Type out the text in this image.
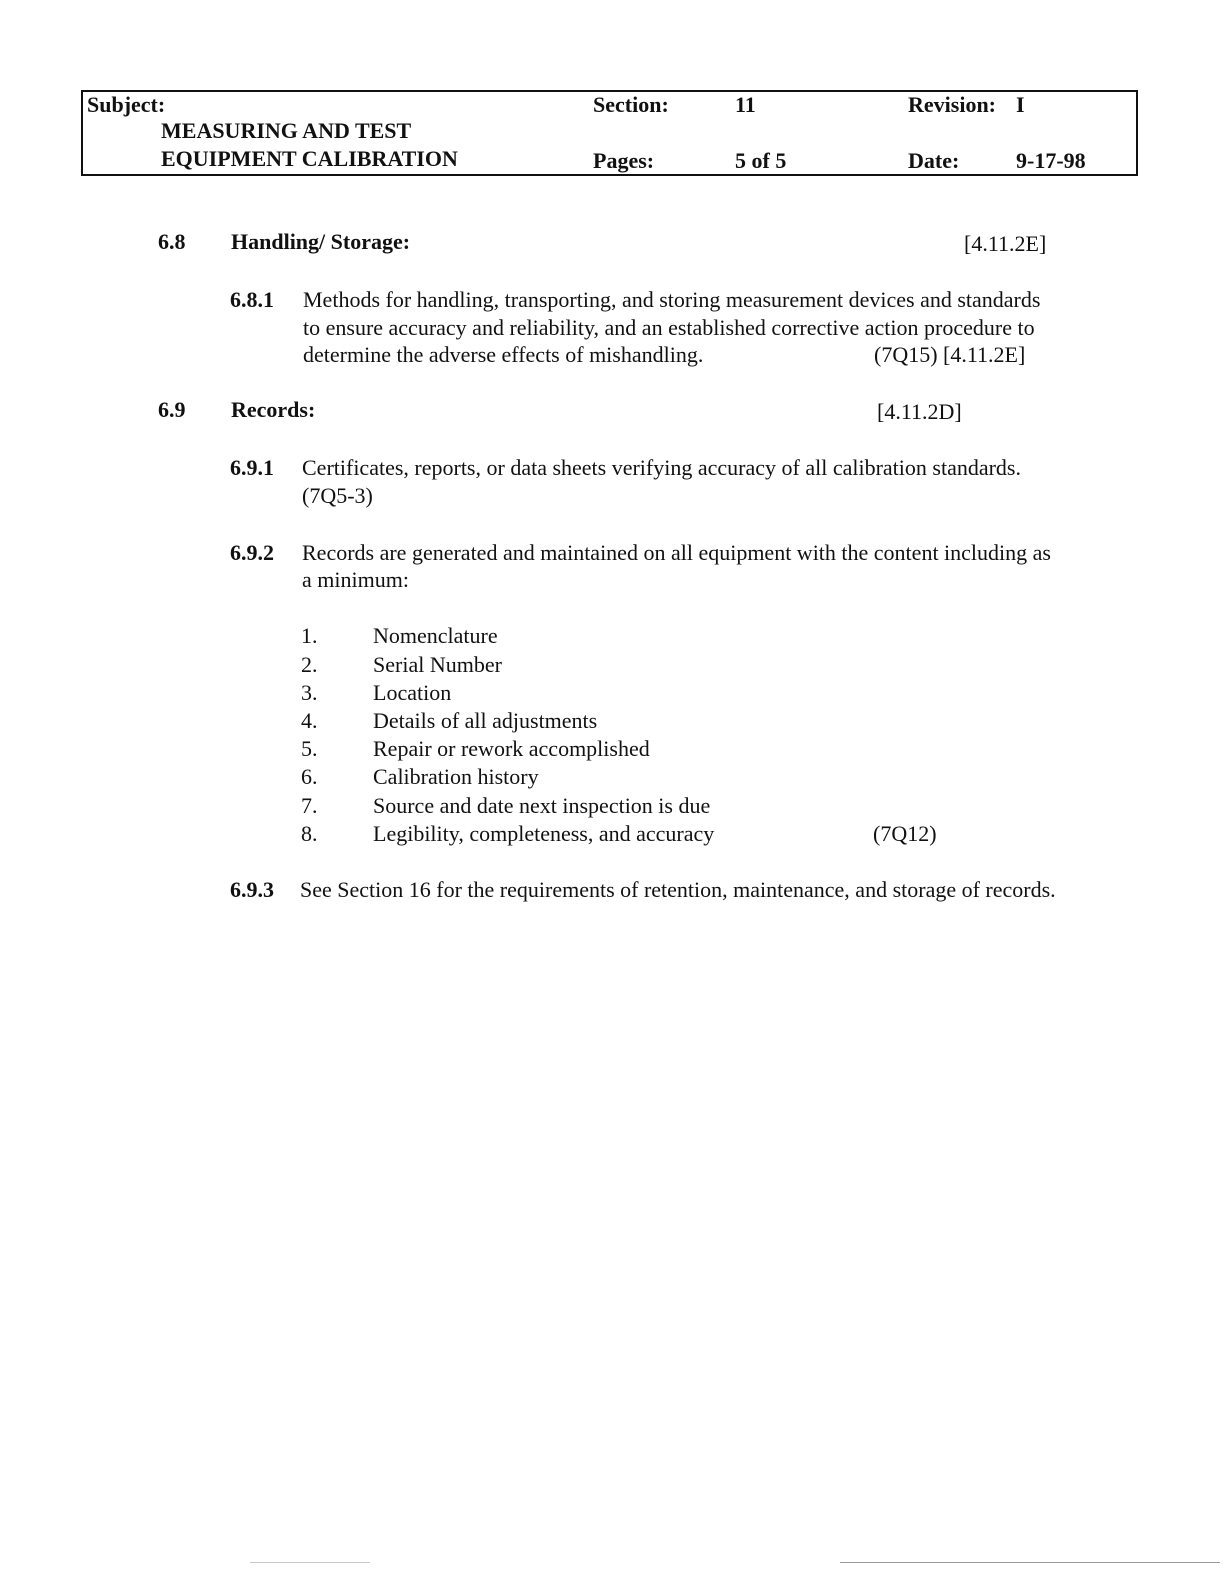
Subject:
MEASURING AND TEST
EQUIPMENT CALIBRATION
Section:	11
Pages:	5 of 5
Revision: I
Date:	9-17-98
6.8 Handling/ Storage:	[4.11.2E]
6.8.1 Methods for handling, transporting, and storing measurement devices and standards
to ensure accuracy and reliability, and an established corrective action procedure to
determine the adverse effects of mishandling.	(7Q15) [4.11.2E]
6.9 Records:	[4.11.2D]
6.9.1 Certificates, reports, or data sheets verifying accuracy of all calibration standards.
(7Q5-3)
6.9.2 Records are generated and maintained on all equipment with the content including as
a minimum:
1.	Nomenclature
2.	Serial Number
3.	Location
4.	Details of all adjustments
5.	Repair or rework accomplished
6.	Calibration history
7.	Source and date next inspection is due
8.	Legibility, completeness, and accuracy	(7Q12)
6.9.3 See Section 16 for the requirements of retention, maintenance, and storage of records.
